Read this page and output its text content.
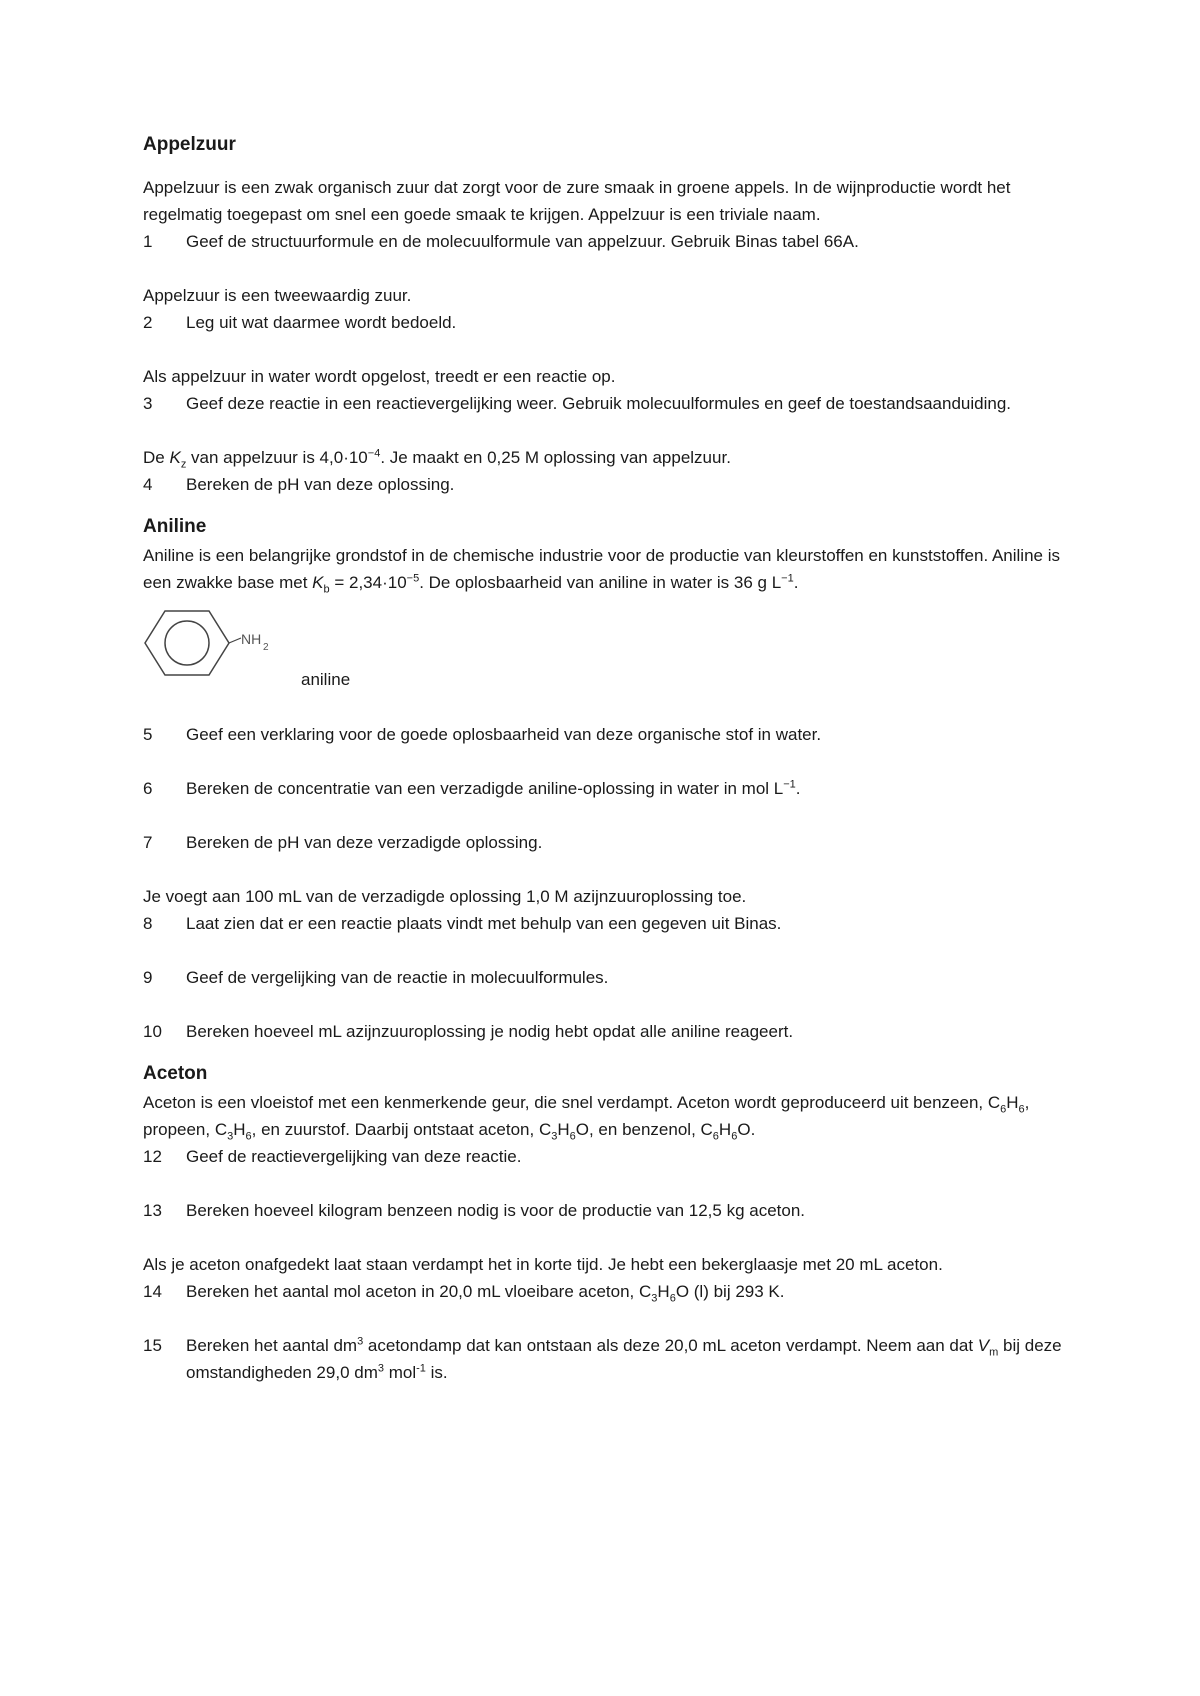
Appelzuur

Appelzuur is een zwak organisch zuur dat zorgt voor de zure smaak in groene appels. In de wijnproductie wordt het regelmatig toegepast om snel een goede smaak te krijgen. Appelzuur is een triviale naam.

1	Geef de structuurformule en de molecuulformule van appelzuur. Gebruik Binas tabel 66A.

Appelzuur is een tweewaardig zuur.

2	Leg uit wat daarmee wordt bedoeld.

Als appelzuur in water wordt opgelost, treedt er een reactie op.

3	Geef deze reactie in een reactievergelijking weer. Gebruik molecuulformules en geef de toestandsaanduiding.

De $K_z$ van appelzuur is $4,0\cdot 10^{-4}$. Je maakt en 0,25 M oplossing van appelzuur.

4	Bereken de pH van deze oplossing.
Aniline

Aniline is een belangrijke grondstof in de chemische industrie voor de productie van kleurstoffen en kunststoffen. Aniline is een zwakke base met $K_b = 2,34\cdot 10^{-5}$. De oplosbaarheid van aniline in water is 36 g $L^{-1}$.

NH
2
aniline
5	Geef een verklaring voor de goede oplosbaarheid van deze organische stof in water.
6	Bereken de concentratie van een verzadigde aniline-oplossing in water in mol $L^{-1}$.
7	Bereken de pH van deze verzadigde oplossing.

Je voegt aan 100 mL van de verzadigde oplossing 1,0 M azijnzuuroplossing toe.

8	Laat zien dat er een reactie plaats vindt met behulp van een gegeven uit Binas.
9	Geef de vergelijking van de reactie in molecuulformules.
10	Bereken hoeveel mL azijnzuuroplossing je nodig hebt opdat alle aniline reageert.
Aceton

Aceton is een vloeistof met een kenmerkende geur, die snel verdampt. Aceton wordt geproduceerd uit benzeen, $C_6H_6$, propeen, $C_3H_6$, en zuurstof. Daarbij ontstaat aceton, $C_3H_6O$, en benzenol, $C_6H_6O$.

12	Geef de reactievergelijking van deze reactie.
13	Bereken hoeveel kilogram benzeen nodig is voor de productie van 12,5 kg aceton.

Als je aceton onafgedekt laat staan verdampt het in korte tijd. Je hebt een bekerglaasje met 20 mL aceton.

14	Bereken het aantal mol aceton in 20,0 mL vloeibare aceton, $C_3H_6O$ (l) bij 293 K.
15	Bereken het aantal $dm^3$ acetondamp dat kan ontstaan als deze 20,0 mL aceton verdampt. Neem aan dat $V_m$ bij deze omstandigheden 29,0 $dm^3$ mol$^{-1}$ is.
